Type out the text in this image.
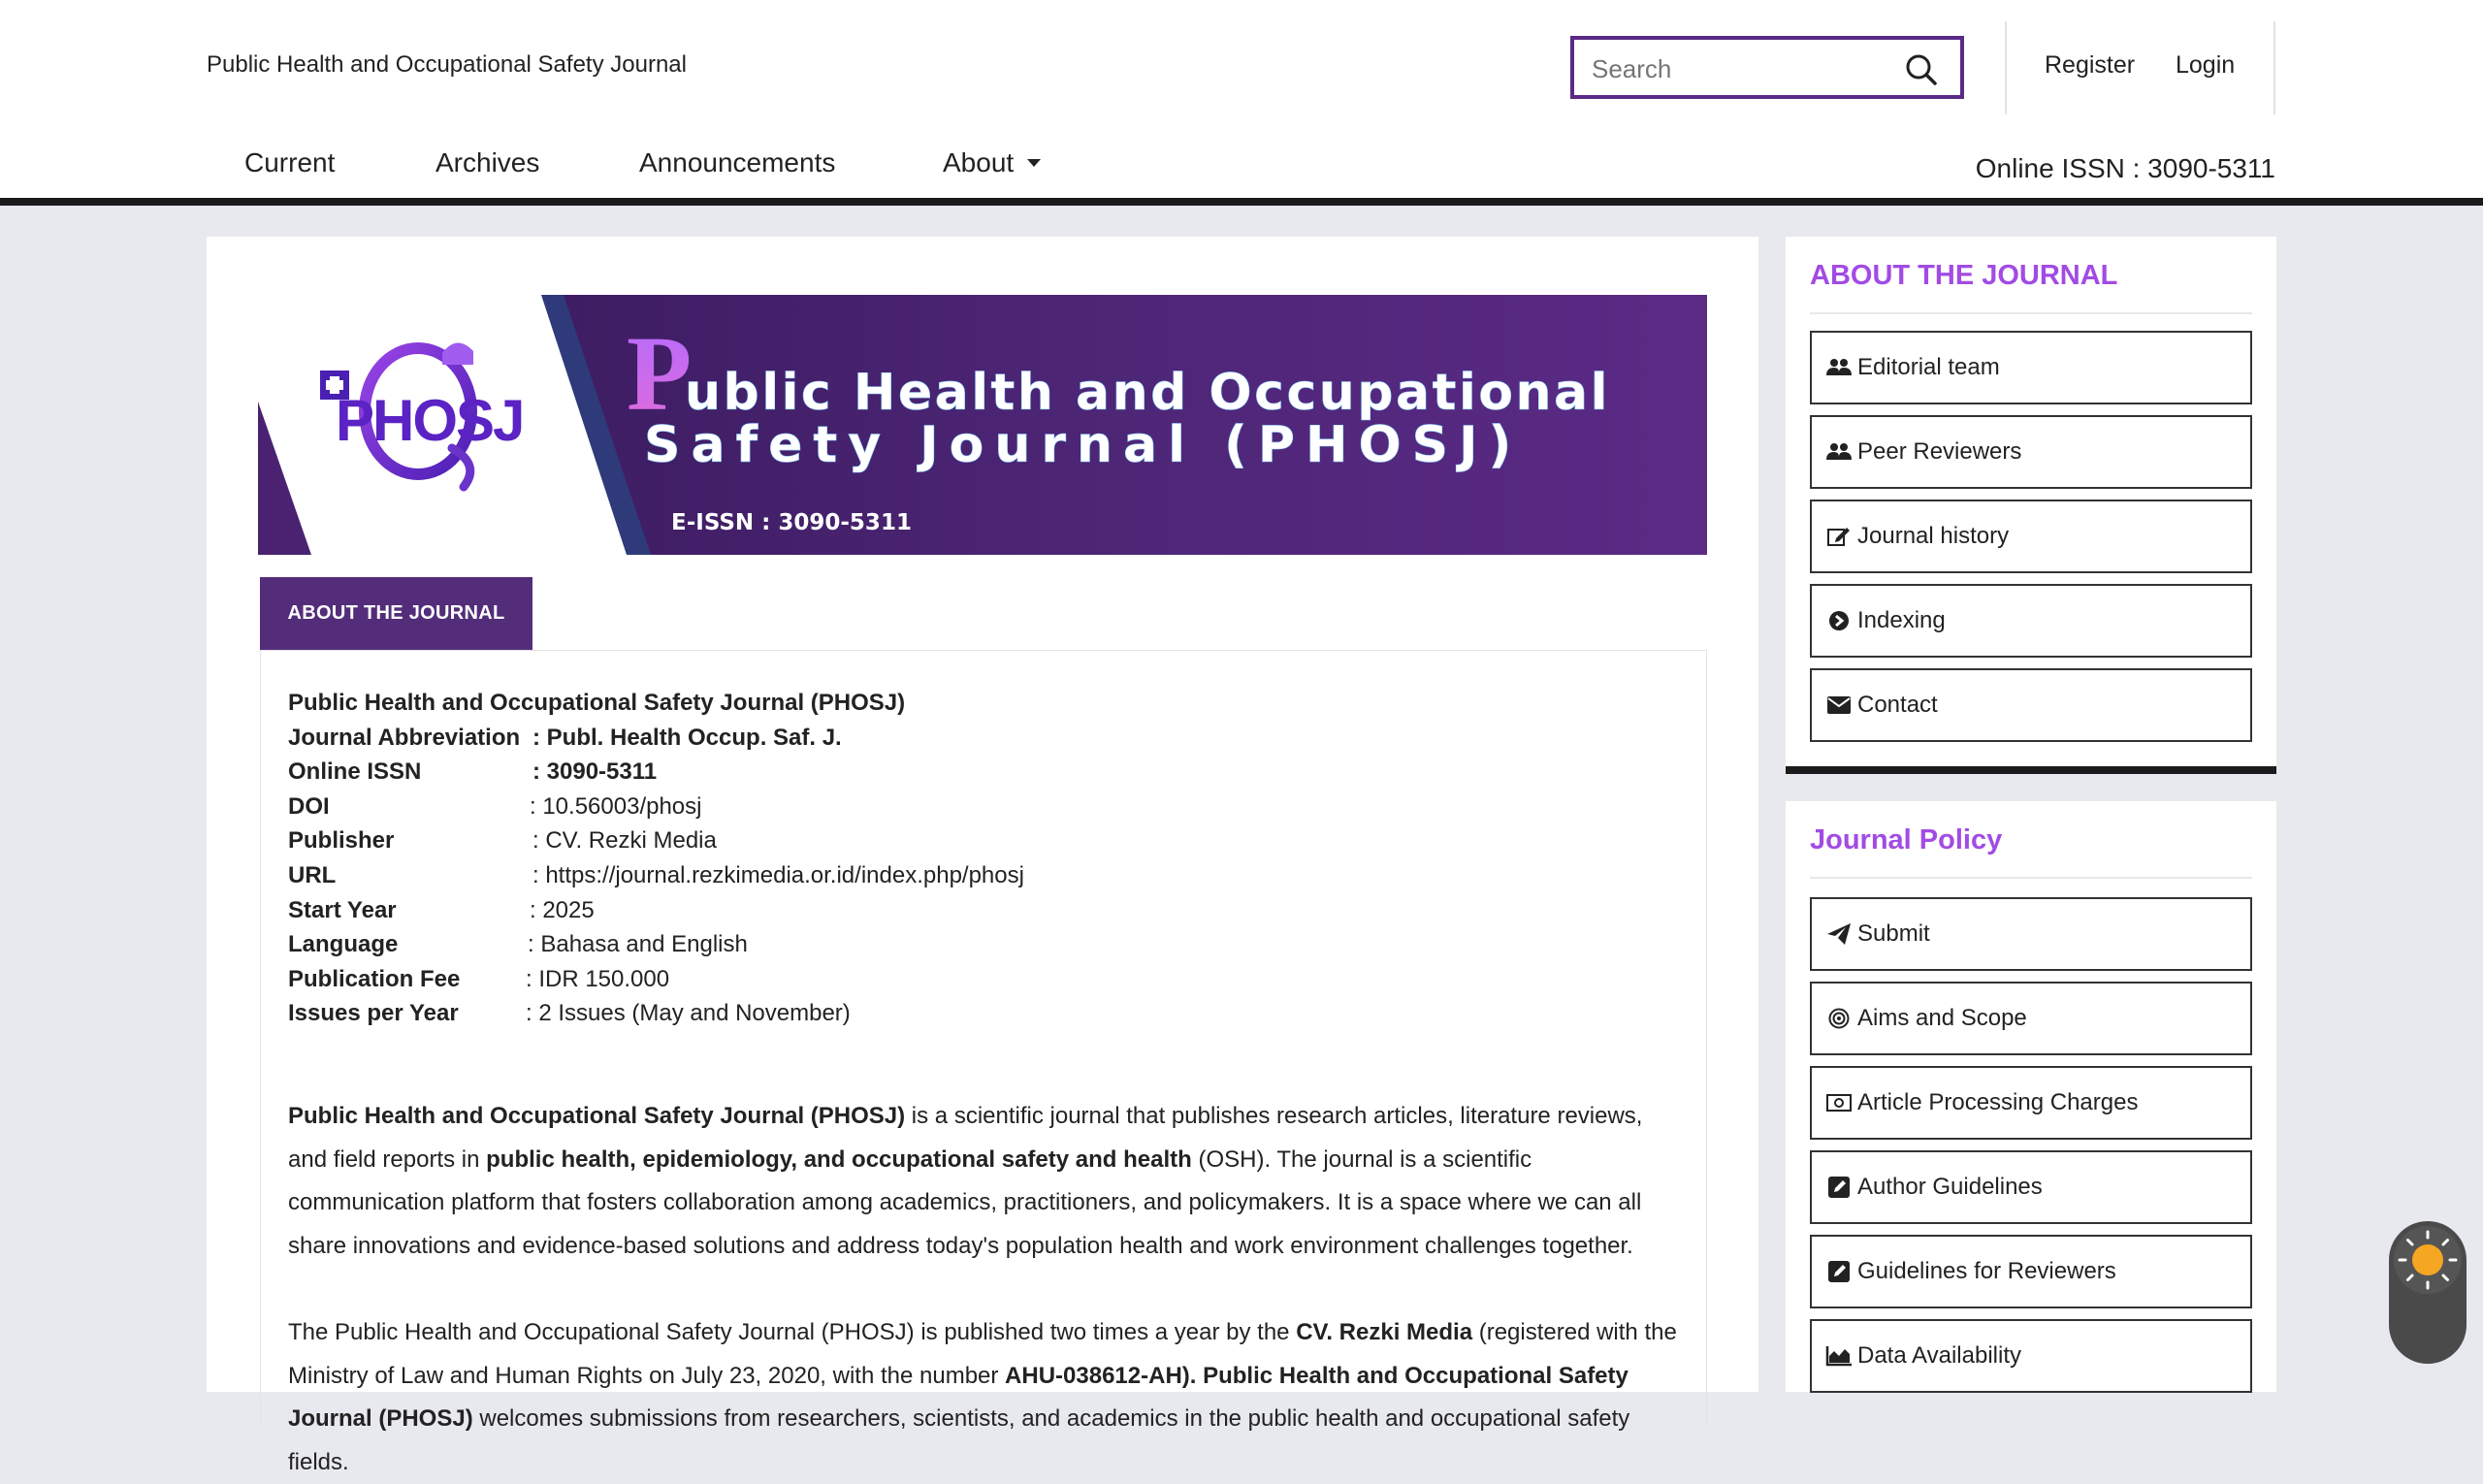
Public Health and Occupational Safety Journal
Search	Register Login
Current	Archives	Announcements	About	Online ISSN : 3090-5311
PHOSJ P
ublic Health and Occupational
Safety Journal (PHOSJ)
E-ISSN : 3090-5311
ABOUT THE JOURNAL
Public Health and Occupational Safety Journal (PHOSJ)
Journal Abbreviation : Publ. Health Occup. Saf. J.
Online ISSN	: 3090-5311
DOI	: 10.56003/phosj
Publisher	: CV. Rezki Media
URL	: https://journal.rezkimedia.or.id/index.php/phosj
Start Year	: 2025
Language	: Bahasa and English
Publication Fee	: IDR 150.000
Issues per Year	: 2 Issues (May and November)

Public Health and Occupational Safety Journal (PHOSJ) is a scientific journal that publishes research articles, literature reviews, and field reports in public health, epidemiology, and occupational safety and health (OSH). The journal is a scientific communication platform that fosters collaboration among academics, practitioners, and policymakers. It is a space where we can all share innovations and evidence-based solutions and address today's population health and work environment challenges together.

The Public Health and Occupational Safety Journal (PHOSJ) is published two times a year by the CV. Rezki Media (registered with the Ministry of Law and Human Rights on July 23, 2020, with the number AHU-038612-AH). Public Health and Occupational Safety Journal (PHOSJ) welcomes submissions from researchers, scientists, and academics in the public health and occupational safety fields.

ABOUT THE JOURNAL
Editorial team
Peer Reviewers
Journal history
Indexing
Contact
Journal Policy
Submit
Aims and Scope
Article Processing Charges
Author Guidelines
Guidelines for Reviewers
Data Availability
